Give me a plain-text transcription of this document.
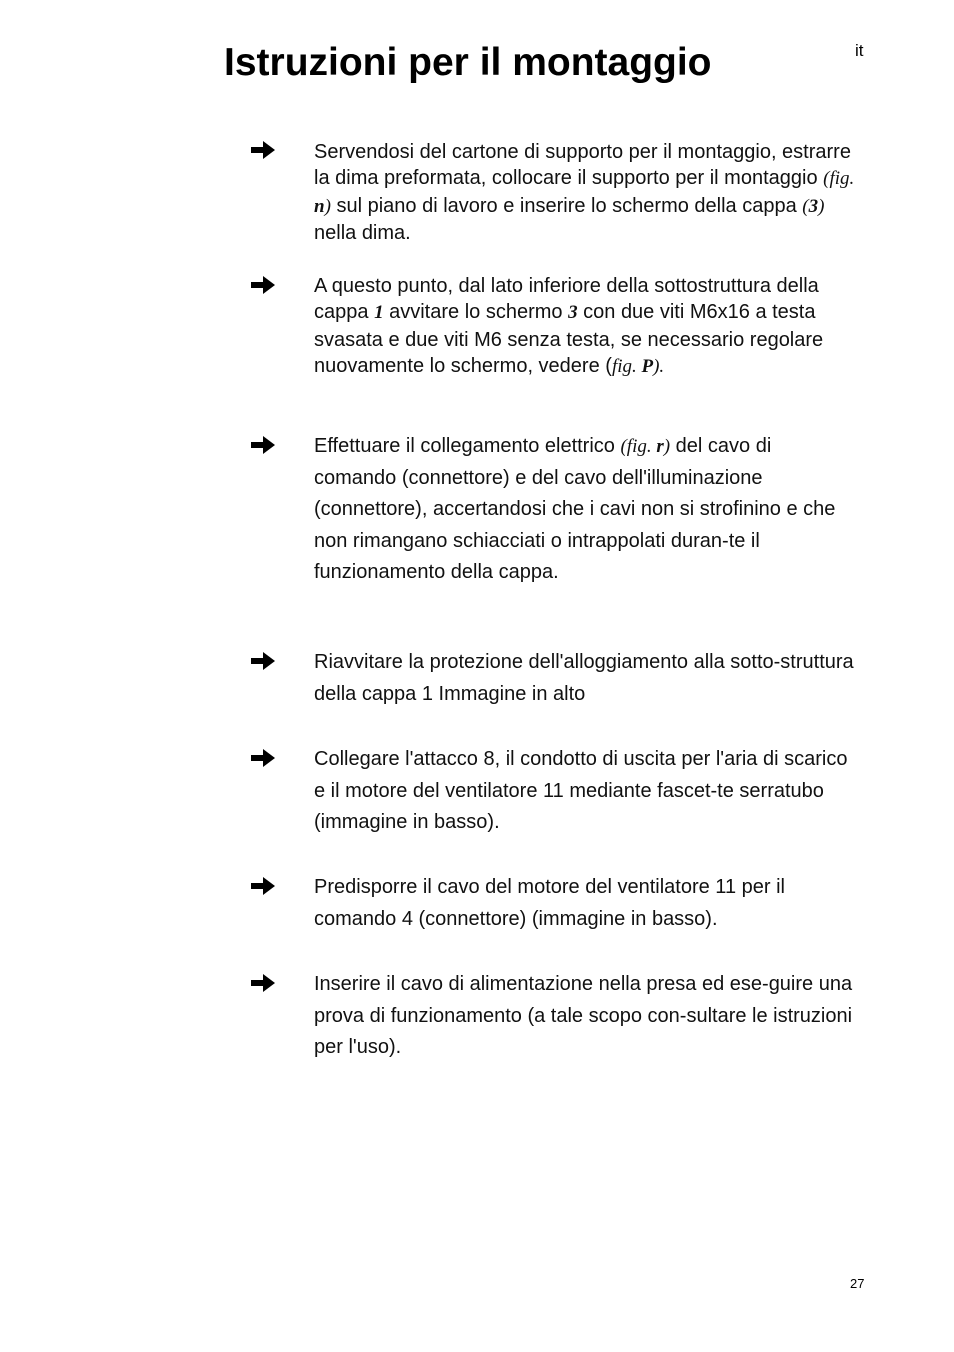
Istruzioni per il montaggio	it
Servendosi del cartone di supporto per il montaggio, estrarre la dima preformata, collocare il supporto per il montaggio (fig. n) sul piano di lavoro e inserire lo schermo della cappa (3) nella dima.
A questo punto, dal lato inferiore della sottostruttura della cappa 1 avvitare lo schermo 3 con due viti M6x16 a testa svasata e due viti M6 senza testa, se necessario regolare nuovamente lo schermo, vedere (fig. P).
Effettuare il collegamento elettrico (fig. r) del cavo di comando (connettore) e del cavo dell'illuminazione (connettore), accertandosi che i cavi non si strofinino e che non rimangano schiacciati o intrappolati duran-te il funzionamento della cappa.
Riavvitare la protezione dell'alloggiamento alla sotto-struttura della cappa 1 Immagine in alto
Collegare l'attacco 8, il condotto di uscita per l'aria di scarico e il motore del ventilatore 11 mediante fascet-te serratubo (immagine in basso).
Predisporre il cavo del motore del ventilatore 11 per il comando 4 (connettore) (immagine in basso).
Inserire il cavo di alimentazione nella presa ed ese-guire una prova di funzionamento (a tale scopo con-sultare le istruzioni per l'uso).
27
